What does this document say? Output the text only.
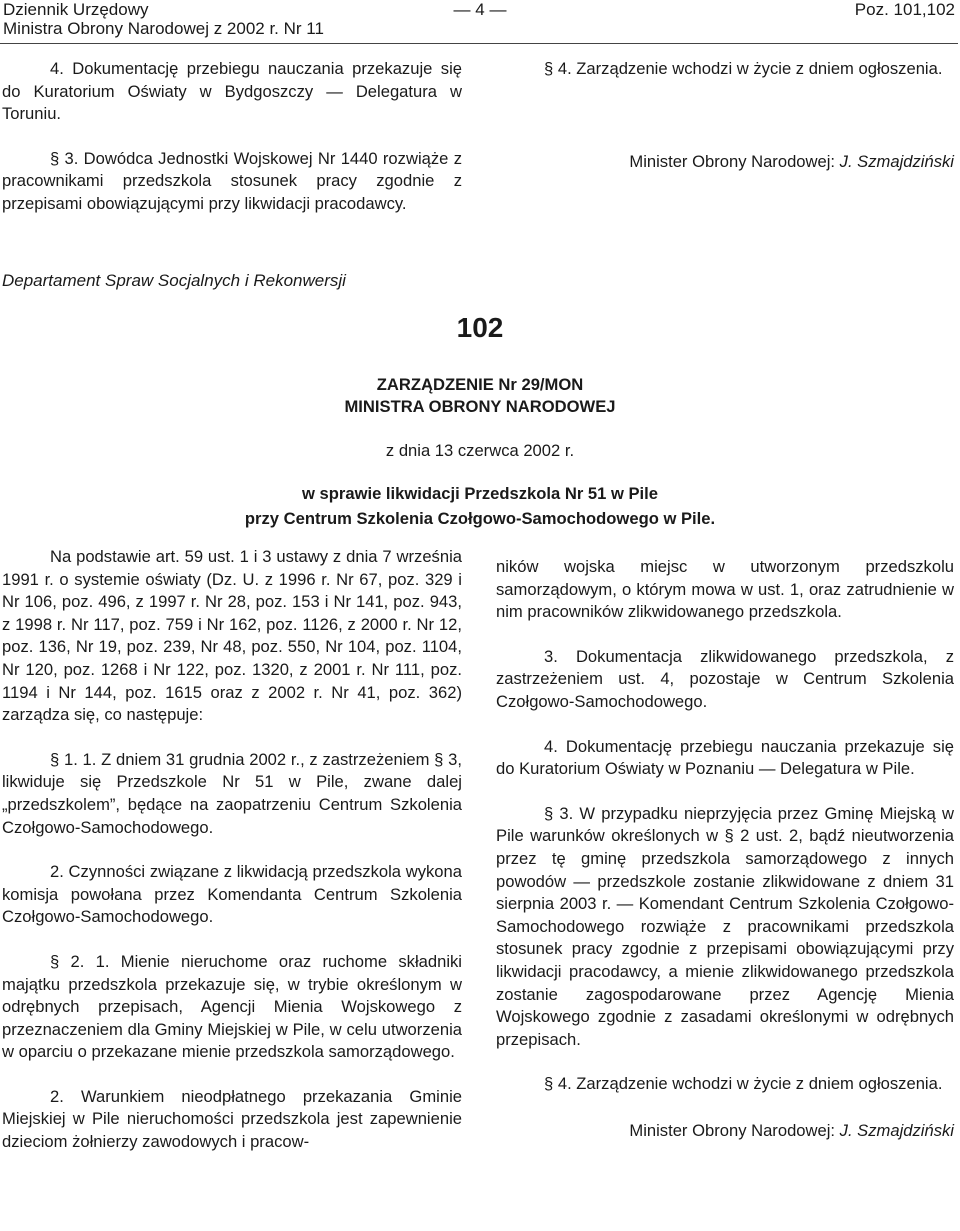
Dziennik Urzędowy
Ministra Obrony Narodowej z 2002 r. Nr 11
— 4 —	Poz. 101,102

4. Dokumentację przebiegu nauczania przekazuje się do Kuratorium Oświaty w Bydgoszczy — Delegatura w Toruniu.

§ 3. Dowódca Jednostki Wojskowej Nr 1440 rozwiąże z pracownikami przedszkola stosunek pracy zgodnie z przepisami obowiązującymi przy likwidacji pracodawcy.

§ 4. Zarządzenie wchodzi w życie z dniem ogłoszenia.

Minister Obrony Narodowej: J. Szmajdziński

Departament Spraw Socjalnych i Rekonwersji
102
ZARZĄDZENIE Nr 29/MON
MINISTRA OBRONY NARODOWEJ
z dnia 13 czerwca 2002 r.
w sprawie likwidacji Przedszkola Nr 51 w Pile
przy Centrum Szkolenia Czołgowo-Samochodowego w Pile.

Na podstawie art. 59 ust. 1 i 3 ustawy z dnia 7 września 1991 r. o systemie oświaty (Dz. U. z 1996 r. Nr 67, poz. 329 i Nr 106, poz. 496, z 1997 r. Nr 28, poz. 153 i Nr 141, poz. 943, z 1998 r. Nr 117, poz. 759 i Nr 162, poz. 1126, z 2000 r. Nr 12, poz. 136, Nr 19, poz. 239, Nr 48, poz. 550, Nr 104, poz. 1104, Nr 120, poz. 1268 i Nr 122, poz. 1320, z 2001 r. Nr 111, poz. 1194 i Nr 144, poz. 1615 oraz z 2002 r. Nr 41, poz. 362) zarządza się, co następuje:

§ 1. 1. Z dniem 31 grudnia 2002 r., z zastrzeżeniem § 3, likwiduje się Przedszkole Nr 51 w Pile, zwane dalej „przedszkolem”, będące na zaopatrzeniu Centrum Szkolenia Czołgowo-Samochodowego.

2. Czynności związane z likwidacją przedszkola wykona komisja powołana przez Komendanta Centrum Szkolenia Czołgowo-Samochodowego.

§ 2. 1. Mienie nieruchome oraz ruchome składniki majątku przedszkola przekazuje się, w trybie określonym w odrębnych przepisach, Agencji Mienia Wojskowego z przeznaczeniem dla Gminy Miejskiej w Pile, w celu utworzenia w oparciu o przekazane mienie przedszkola samorządowego.

2. Warunkiem nieodpłatnego przekazania Gminie Miejskiej w Pile nieruchomości przedszkola jest zapewnienie dzieciom żołnierzy zawodowych i pracow-

ników wojska miejsc w utworzonym przedszkolu samorządowym, o którym mowa w ust. 1, oraz zatrudnienie w nim pracowników zlikwidowanego przedszkola.

3. Dokumentacja zlikwidowanego przedszkola, z zastrzeżeniem ust. 4, pozostaje w Centrum Szkolenia Czołgowo-Samochodowego.

4. Dokumentację przebiegu nauczania przekazuje się do Kuratorium Oświaty w Poznaniu — Delegatura w Pile.

§ 3. W przypadku nieprzyjęcia przez Gminę Miejską w Pile warunków określonych w § 2 ust. 2, bądź nieutworzenia przez tę gminę przedszkola samorządowego z innych powodów — przedszkole zostanie zlikwidowane z dniem 31 sierpnia 2003 r. — Komendant Centrum Szkolenia Czołgowo-Samochodowego rozwiąże z pracownikami przedszkola stosunek pracy zgodnie z przepisami obowiązującymi przy likwidacji pracodawcy, a mienie zlikwidowanego przedszkola zostanie zagospodarowane przez Agencję Mienia Wojskowego zgodnie z zasadami określonymi w odrębnych przepisach.

§ 4. Zarządzenie wchodzi w życie z dniem ogłoszenia.

Minister Obrony Narodowej: J. Szmajdziński
